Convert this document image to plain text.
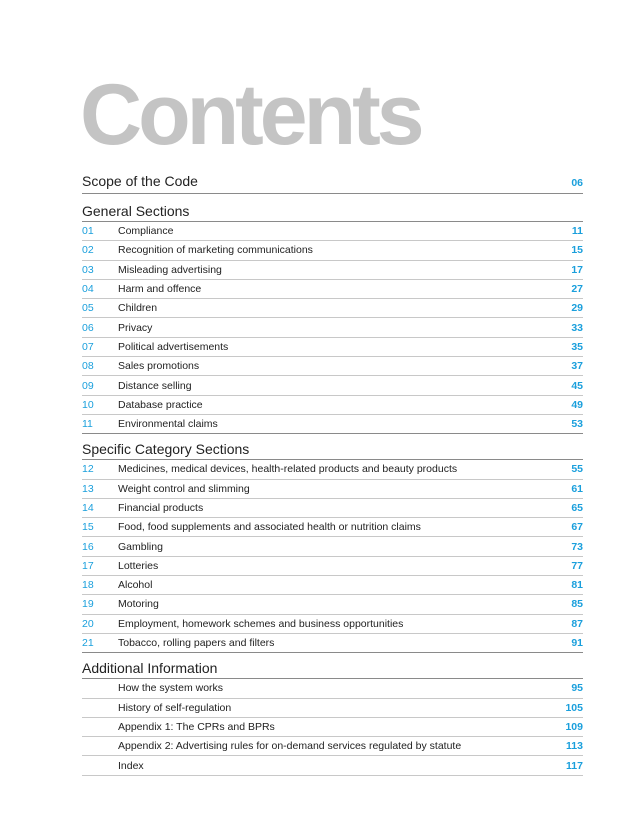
Contents
Scope of the Code	06
General Sections
01	Compliance	11
02	Recognition of marketing communications	15
03	Misleading advertising	17
04	Harm and offence	27
05	Children	29
06	Privacy	33
07	Political advertisements	35
08	Sales promotions	37
09	Distance selling	45
10	Database practice	49
11	Environmental claims	53
Specific Category Sections
12	Medicines, medical devices, health-related products and beauty products	55
13	Weight control and slimming	61
14	Financial products	65
15	Food, food supplements and associated health or nutrition claims	67
16	Gambling	73
17	Lotteries	77
18	Alcohol	81
19	Motoring	85
20	Employment, homework schemes and business opportunities	87
21	Tobacco, rolling papers and filters	91
Additional Information
How the system works	95
History of self-regulation	105
Appendix 1: The CPRs and BPRs	109
Appendix 2: Advertising rules for on-demand services regulated by statute	113
Index	117
